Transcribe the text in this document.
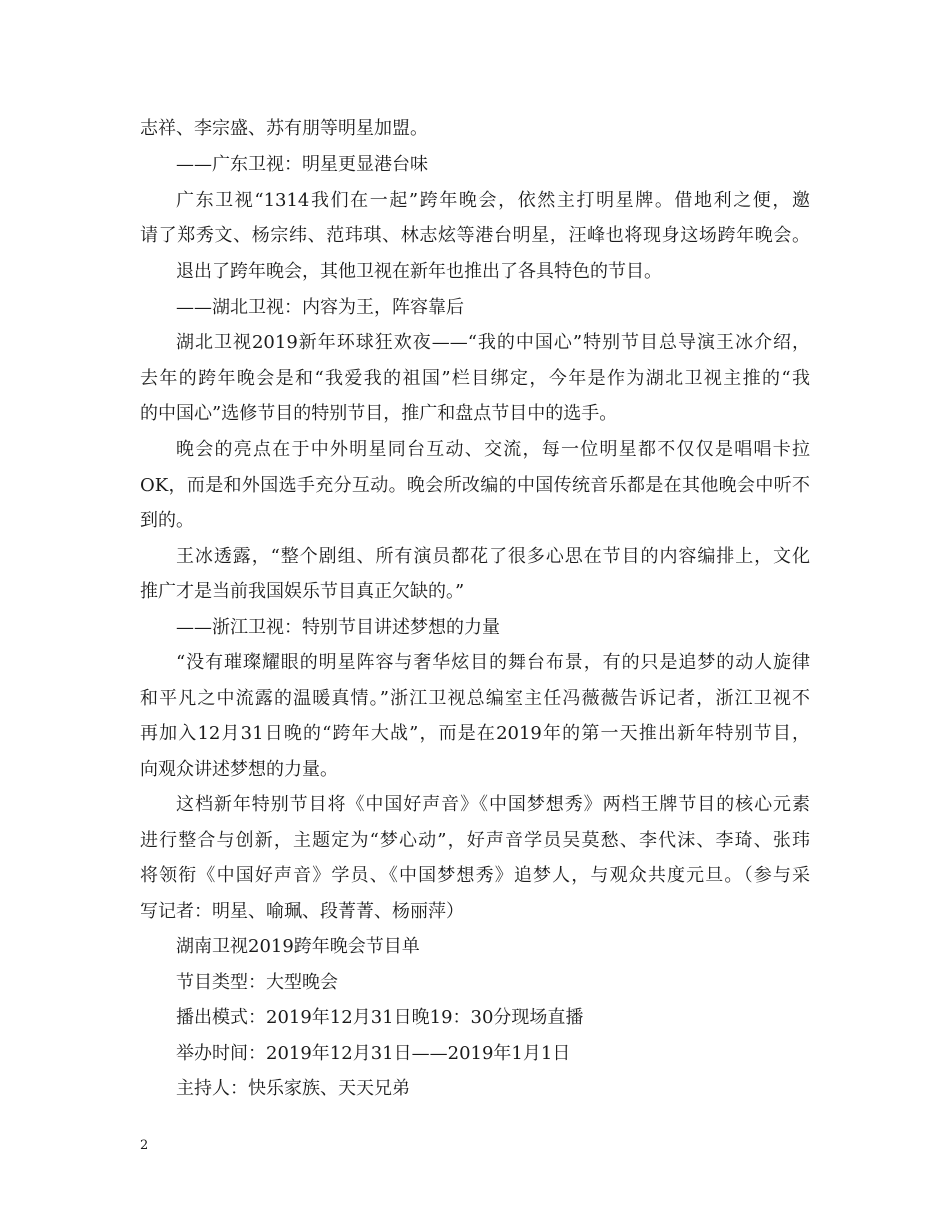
志祥、李宗盛、苏有朋等明星加盟。
——广东卫视：明星更显港台味
广东卫视“1314我们在一起”跨年晚会，依然主打明星牌。借地利之便，邀
请了郑秀文、杨宗纬、范玮琪、林志炫等港台明星，汪峰也将现身这场跨年晚会。
退出了跨年晚会，其他卫视在新年也推出了各具特色的节目。
——湖北卫视：内容为王，阵容靠后
湖北卫视2019新年环球狂欢夜——“我的中国心”特别节目总导演王冰介绍，
去年的跨年晚会是和“我爱我的祖国”栏目绑定，今年是作为湖北卫视主推的“我
的中国心”选修节目的特别节目，推广和盘点节目中的选手。
晚会的亮点在于中外明星同台互动、交流，每一位明星都不仅仅是唱唱卡拉
OK，而是和外国选手充分互动。晚会所改编的中国传统音乐都是在其他晚会中听不
到的。
王冰透露，“整个剧组、所有演员都花了很多心思在节目的内容编排上，文化
推广才是当前我国娱乐节目真正欠缺的。”
——浙江卫视：特别节目讲述梦想的力量
“没有璀璨耀眼的明星阵容与奢华炫目的舞台布景，有的只是追梦的动人旋律
和平凡之中流露的温暖真情。”浙江卫视总编室主任冯薇薇告诉记者，浙江卫视不
再加入12月31日晚的“跨年大战”，而是在2019年的第一天推出新年特别节目，
向观众讲述梦想的力量。
这档新年特别节目将《中国好声音》《中国梦想秀》两档王牌节目的核心元素
进行整合与创新，主题定为“梦心动”，好声音学员吴莫愁、李代沫、李琦、张玮
将领衔《中国好声音》学员、《中国梦想秀》追梦人，与观众共度元旦。（参与采
写记者：明星、喻珮、段菁菁、杨丽萍）
湖南卫视2019跨年晚会节目单
节目类型：大型晚会
播出模式：2019年12月31日晚19：30分现场直播
举办时间：2019年12月31日——2019年1月1日
主持人：快乐家族、天天兄弟
2
